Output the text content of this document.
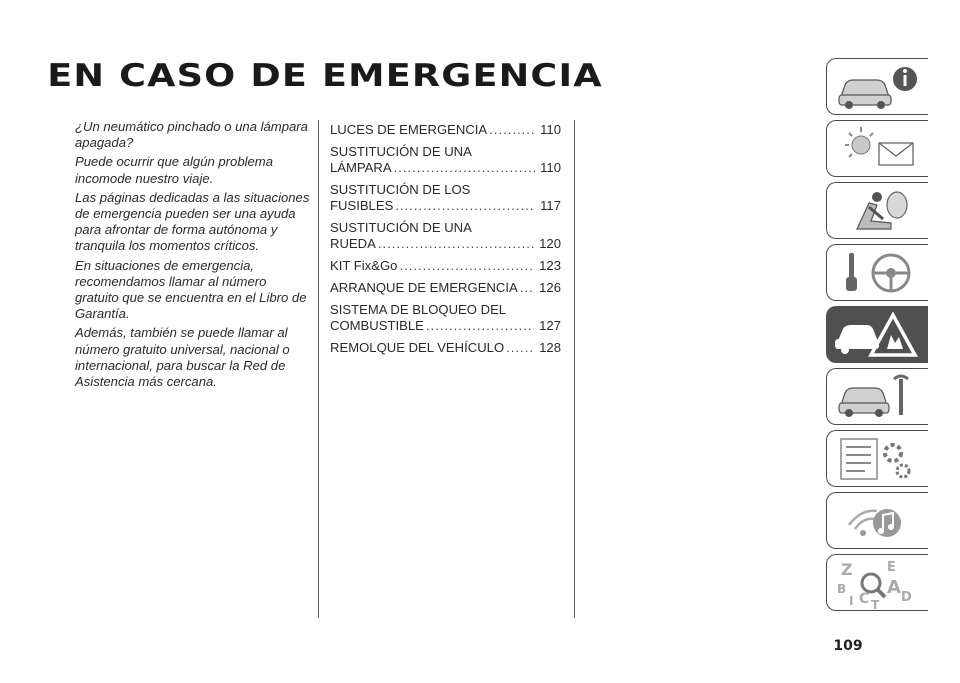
EN CASO DE EMERGENCIA

¿Un neumático pinchado o una lámpara apagada?

Puede ocurrir que algún problema incomode nuestro viaje.

Las páginas dedicadas a las situaciones de emergencia pueden ser una ayuda para afrontar de forma autónoma y tranquila los momentos críticos.

En situaciones de emergencia, recomendamos llamar al número gratuito que se encuentra en el Libro de Garantía.

Además, también se puede llamar al número gratuito universal, nacional o internacional, para buscar la Red de Asistencia más cercana.

LUCES DE EMERGENCIA .....	110
SUSTITUCIÓN DE UNA
LÁMPARA .....	110
SUSTITUCIÓN DE LOS
FUSIBLES .....	117
SUSTITUCIÓN DE UNA
RUEDA .....	120
KIT Fix&Go .....	123
ARRANQUE DE EMERGENCIA ..... 126
SISTEMA DE BLOQUEO DEL
COMBUSTIBLE .....	127
REMOLQUE DEL VEHÍCULO .....	128
Z	E
B A
I C T D
109
